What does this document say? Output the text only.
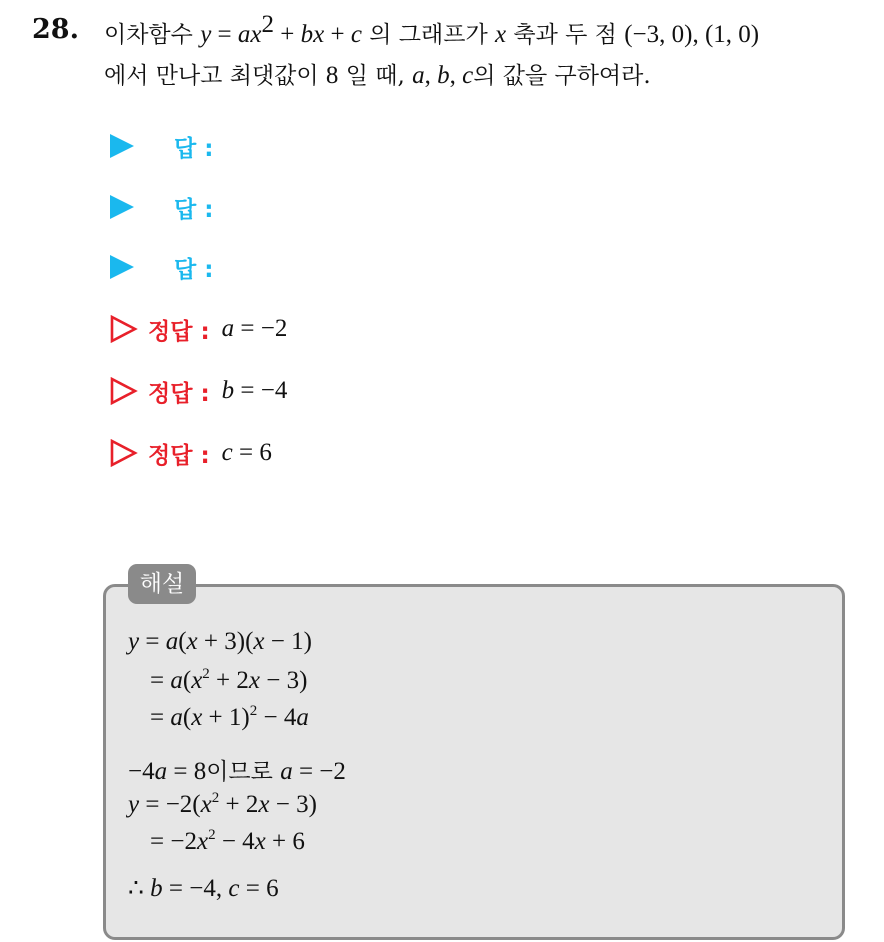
28. 이차함수 $y = ax^2$ + bx + c 의 그래프가 x 축과 두 점 (−3, 0), (1, 0)
에서 만나고 최댓값이 8 일 때, a, b, c의 값을 구하여라.
답 :
답 :
답 :
정답 : a = −2
정답 : b = −4
정답 : c = 6
해설
y = a(x + 3)(x − 1)
= $a(x^2 + 2x - 3)$
= $a(x + 1)^2 - 4a$
−4a = 8이므로 a = −2
$y = -2(x^2 + 2x - 3)$
= $-2x^2 - 4x + 6$
∴ b = −4, c = 6
